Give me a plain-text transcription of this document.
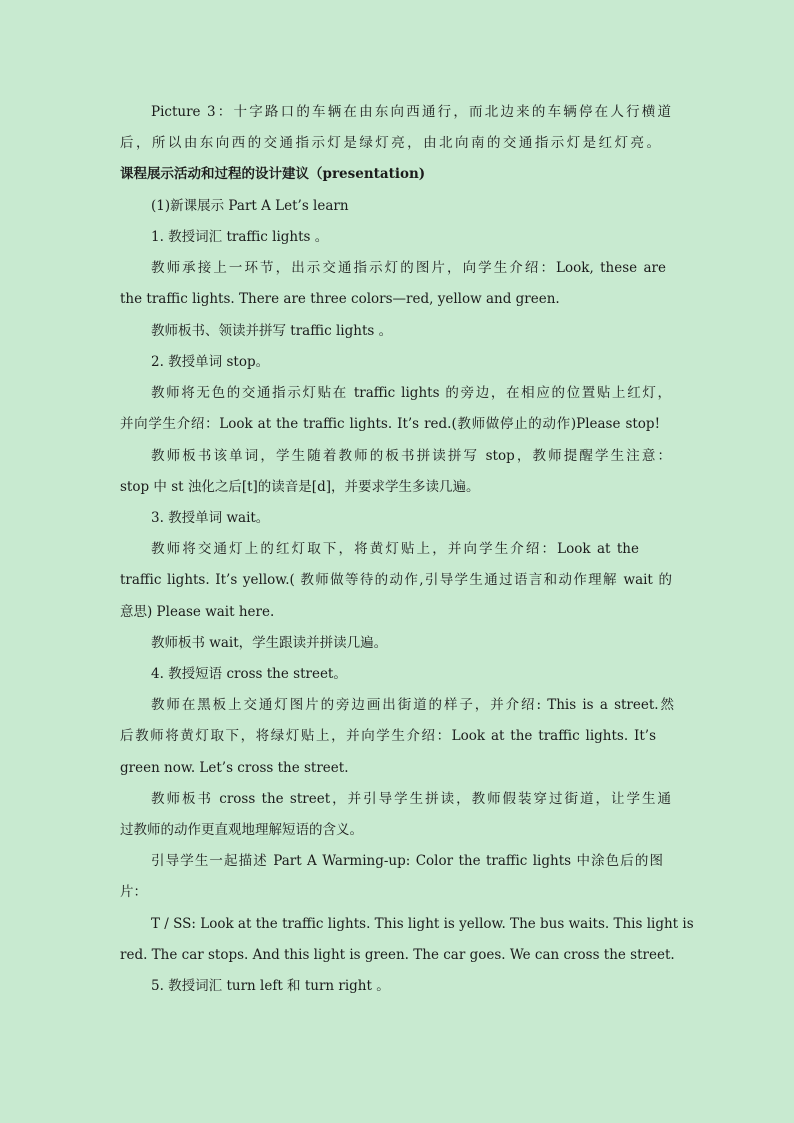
Picture 3：十字路口的车辆在由东向西通行，而北边来的车辆停在人行横道
后，所以由东向西的交通指示灯是绿灯亮，由北向南的交通指示灯是红灯亮。
课程展示活动和过程的设计建议（presentation)
(1)新课展示 Part A Let’s learn
1. 教授词汇 traffic lights 。
教师承接上一环节，出示交通指示灯的图片，向学生介绍：Look, these are
the traffic lights. There are three colors—red, yellow and green.
教师板书、领读并拼写 traffic lights 。
2. 教授单词 stop。
教师将无色的交通指示灯贴在 traffic lights 的旁边，在相应的位置贴上红灯，
并向学生介绍：Look at the traffic lights. It’s red.(教师做停止的动作)Please stop!
教师板书该单词，学生随着教师的板书拼读拼写 stop，教师提醒学生注意：
stop 中 st 浊化之后[t]的读音是[d]，并要求学生多读几遍。
3. 教授单词 wait。
教师将交通灯上的红灯取下，将黄灯贴上，并向学生介绍：Look at the
traffic lights. It’s yellow.( 教师做等待的动作,引导学生通过语言和动作理解 wait 的
意思) Please wait here.
教师板书 wait，学生跟读并拼读几遍。
4. 教授短语 cross the street。
教师在黑板上交通灯图片的旁边画出街道的样子，并介绍: This is a street.然
后教师将黄灯取下，将绿灯贴上，并向学生介绍：Look at the traffic lights. It’s
green now. Let’s cross the street.
教师板书 cross the street，并引导学生拼读，教师假装穿过街道，让学生通
过教师的动作更直观地理解短语的含义。
引导学生一起描述 Part A Warming-up: Color the traffic lights 中涂色后的图
片：
T / SS: Look at the traffic lights. This light is yellow. The bus waits. This light is
red. The car stops. And this light is green. The car goes. We can cross the street.
5. 教授词汇 turn left 和 turn right 。
